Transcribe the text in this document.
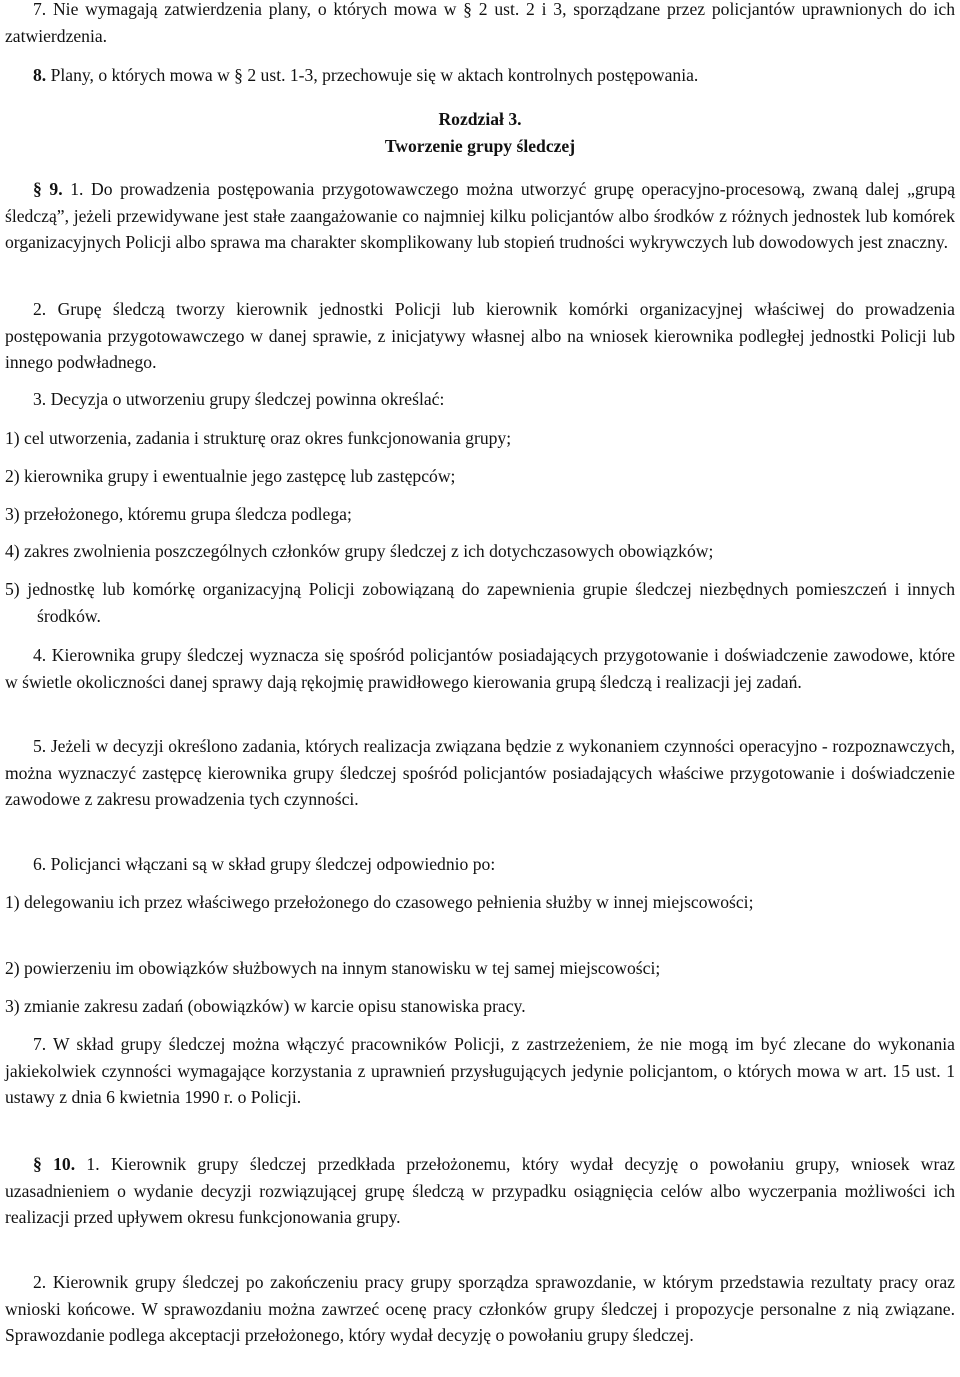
7. Nie wymagają zatwierdzenia plany, o których mowa w § 2 ust. 2 i 3, sporządzane przez policjantów uprawnionych do ich zatwierdzenia.
8. Plany, o których mowa w § 2 ust. 1-3, przechowuje się w aktach kontrolnych postępowania.
Rozdział 3.
Tworzenie grupy śledczej
§ 9. 1. Do prowadzenia postępowania przygotowawczego można utworzyć grupę operacyjno-procesową, zwaną dalej „grupą śledczą”, jeżeli przewidywane jest stałe zaangażowanie co najmniej kilku policjantów albo środków z różnych jednostek lub komórek organizacyjnych Policji albo sprawa ma charakter skomplikowany lub stopień trudności wykrywczych lub dowodowych jest znaczny.
2. Grupę śledczą tworzy kierownik jednostki Policji lub kierownik komórki organizacyjnej właściwej do prowadzenia postępowania przygotowawczego w danej sprawie, z inicjatywy własnej albo na wniosek kierownika podległej jednostki Policji lub innego podwładnego.
3. Decyzja o utworzeniu grupy śledczej powinna określać:
1) cel utworzenia, zadania i strukturę oraz okres funkcjonowania grupy;
2) kierownika grupy i ewentualnie jego zastępcę lub zastępców;
3) przełożonego, któremu grupa śledcza podlega;
4) zakres zwolnienia poszczególnych członków grupy śledczej z ich dotychczasowych obowiązków;
5) jednostkę lub komórkę organizacyjną Policji zobowiązaną do zapewnienia grupie śledczej niezbędnych pomieszczeń i innych środków.
4. Kierownika grupy śledczej wyznacza się spośród policjantów posiadających przygotowanie i doświadczenie zawodowe, które w świetle okoliczności danej sprawy dają rękojmię prawidłowego kierowania grupą śledczą i realizacji jej zadań.
5. Jeżeli w decyzji określono zadania, których realizacja związana będzie z wykonaniem czynności operacyjno - rozpoznawczych, można wyznaczyć zastępcę kierownika grupy śledczej spośród policjantów posiadających właściwe przygotowanie i doświadczenie zawodowe z zakresu prowadzenia tych czynności.
6. Policjanci włączani są w skład grupy śledczej odpowiednio po:
1) delegowaniu ich przez właściwego przełożonego do czasowego pełnienia służby w innej miejscowości;
2) powierzeniu im obowiązków służbowych na innym stanowisku w tej samej miejscowości;
3) zmianie zakresu zadań (obowiązków) w karcie opisu stanowiska pracy.
7. W skład grupy śledczej można włączyć pracowników Policji, z zastrzeżeniem, że nie mogą im być zlecane do wykonania jakiekolwiek czynności wymagające korzystania z uprawnień przysługujących jedynie policjantom, o których mowa w art. 15 ust. 1 ustawy z dnia 6 kwietnia 1990 r. o Policji.
§ 10. 1. Kierownik grupy śledczej przedkłada przełożonemu, który wydał decyzję o powołaniu grupy, wniosek wraz uzasadnieniem o wydanie decyzji rozwiązującej grupę śledczą w przypadku osiągnięcia celów albo wyczerpania możliwości ich realizacji przed upływem okresu funkcjonowania grupy.
2. Kierownik grupy śledczej po zakończeniu pracy grupy sporządza sprawozdanie, w którym przedstawia rezultaty pracy oraz wnioski końcowe. W sprawozdaniu można zawrzeć ocenę pracy członków grupy śledczej i propozycje personalne z nią związane. Sprawozdanie podlega akceptacji przełożonego, który wydał decyzję o powołaniu grupy śledczej.
